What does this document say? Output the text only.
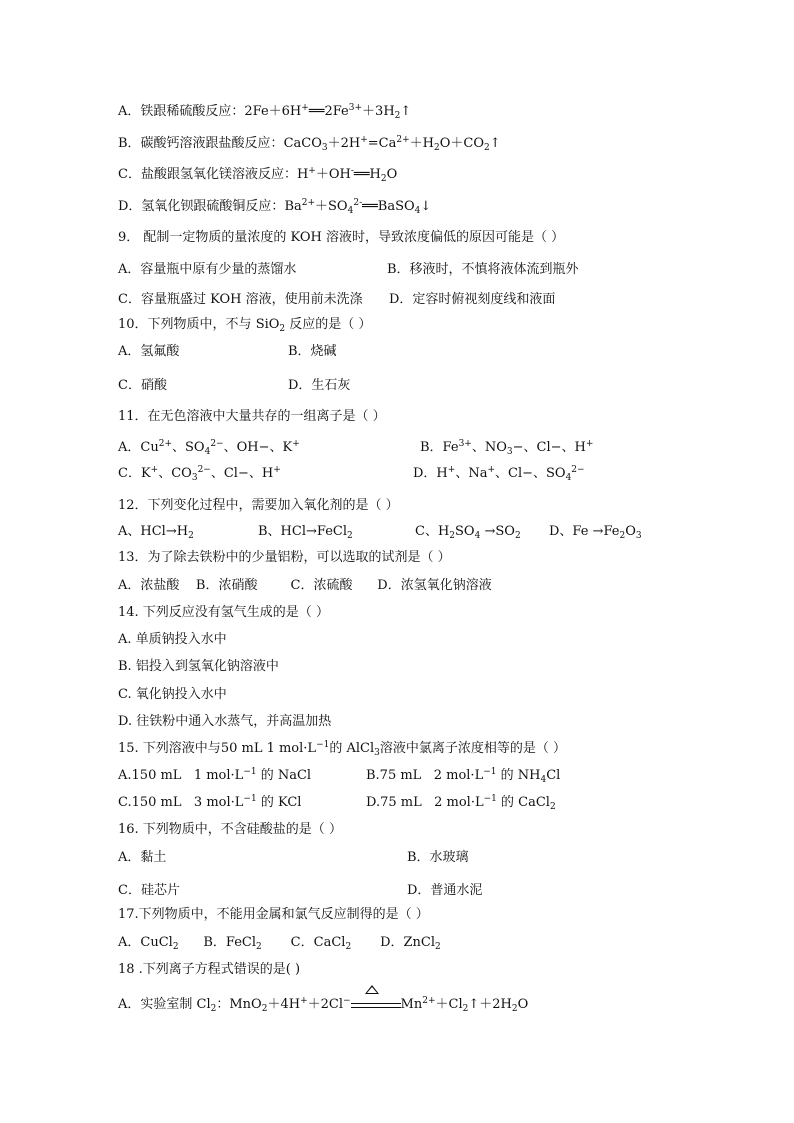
A．铁跟稀硫酸反应：$2Fe+6H^+══2Fe^{3+}+3H_2↑$
B．碳酸钙溶液跟盐酸反应：$CaCO_3+2H^+=Ca^{2+}+H_2O+CO_2↑$
C．盐酸跟氢氧化镁溶液反应：$H^++OH^-══H_2O$
D．氢氧化钡跟硫酸铜反应：$Ba^{2+}+SO_4^{2-}══BaSO_4↓$
9． 配制一定物质的量浓度的 KOH 溶液时，导致浓度偏低的原因可能是（ ）
A．容量瓶中原有少量的蒸馏水	B．移液时，不慎将液体流到瓶外
C．容量瓶盛过 KOH 溶液，使用前未洗涤 D．定容时俯视刻度线和液面
10．下列物质中，不与 SiO$_2$ 反应的是（ ）
A．氢氟酸	B．烧碱
C．硝酸	D．生石灰
11．在无色溶液中大量共存的一组离子是（ ）
A．$Cu^{2+}$、$SO_4^{2-}$、OH−、K+	B．$Fe^{3+}$、$NO_3-$、Cl−、H+
C．K+、$CO_3^{2-}$、Cl−、H+	D．H+、Na+、Cl−、$SO_4^{2-}$
12．下列变化过程中，需要加入氧化剂的是（ ）
A、$HCl\to H_2$	B、HCl→FeCl$_2$	C、$H_2SO_4 \to SO_2$ D、$Fe \to Fe_2O_3$
13．为了除去铁粉中的少量铝粉，可以选取的试剂是（ ）
A．浓盐酸    B．浓硝酸        C．浓硫酸      D．浓氢氧化钠溶液
14. 下列反应没有氢气生成的是（ ）
A. 单质钠投入水中
B. 铝投入到氢氧化钠溶液中
C. 氧化钠投入水中
D. 往铁粉中通入水蒸气，并高温加热
15. 下列溶液中与50 mL 1 $mol\cdot L^{-1}$的 AlCl$_3$溶液中氯离子浓度相等的是（ ）
A.150 mL   1 $mol\cdot L^{-1}$ 的 NaCl	B.75 mL   2 $mol\cdot L^{-1}$ 的 $NH_4Cl$
C.150 mL   3 $mol\cdot L^{-1}$ 的 KCl	D.75 mL   2 $mol\cdot L^{-1}$ 的 CaCl$_2$
16. 下列物质中，不含硅酸盐的是（ ）
A．黏土	B．水玻璃
C．硅芯片	D．普通水泥
17.下列物质中，不能用金属和氯气反应制得的是（ ）
A．CuCl$_2$      B．FeCl$_2$       C．CaCl$_2$       D．ZnCl$_2$
18 .下列离子方程式错误的是( )
A．实验室制 $Cl_2$：MnO$_2$＋4H+＋2Cl−	$Mn^{2+}+Cl_2↑+2H_2O$
